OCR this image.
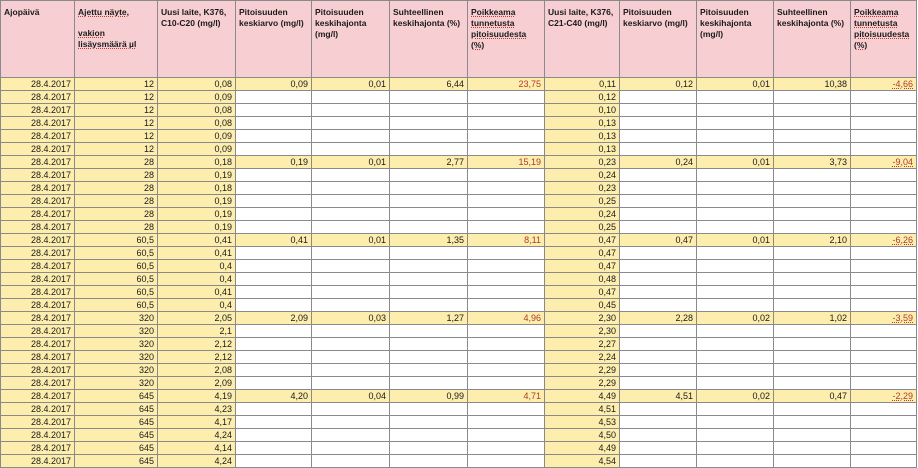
Ajopäivä	Ajettu näyte,
vakion lisäysmäärä µl	Uusi laite, K376, C10-C20 (mg/l)	Pitoisuuden keskiarvo (mg/l)	Pitoisuuden keskihajonta (mg/l)	Suhteellinen keskihajonta (%)	Poikkeama tunnetusta pitoisuudesta (%)	Uusi laite, K376, C21-C40 (mg/l)	Pitoisuuden keskiarvo (mg/l)	Pitoisuuden keskihajonta (mg/l)	Suhteellinen keskihajonta (%)	Poikkeama tunnetusta pitoisuudesta (%)
28.4.2017	12	0,08	0,09	0,01	6,44	23,75	0,11	0,12	0,01	10,38	-4,66
28.4.2017	12	0,09					0,12				
28.4.2017	12	0,08					0,10				
28.4.2017	12	0,08					0,13				
28.4.2017	12	0,09					0,13				
28.4.2017	12	0,09					0,13				
28.4.2017	28	0,18	0,19	0,01	2,77	15,19	0,23	0,24	0,01	3,73	-9,04
28.4.2017	28	0,19					0,24				
28.4.2017	28	0,18					0,23				
28.4.2017	28	0,19					0,25				
28.4.2017	28	0,19					0,24				
28.4.2017	28	0,19					0,25				
28.4.2017	60,5	0,41	0,41	0,01	1,35	8,11	0,47	0,47	0,01	2,10	-6,26
28.4.2017	60,5	0,41					0,47				
28.4.2017	60,5	0,4					0,47				
28.4.2017	60,5	0,4					0,48				
28.4.2017	60,5	0,41					0,47				
28.4.2017	60,5	0,4					0,45				
28.4.2017	320	2,05	2,09	0,03	1,27	4,96	2,30	2,28	0,02	1,02	-3,59
28.4.2017	320	2,1					2,30				
28.4.2017	320	2,12					2,27				
28.4.2017	320	2,12					2,24				
28.4.2017	320	2,08					2,29				
28.4.2017	320	2,09					2,29				
28.4.2017	645	4,19	4,20	0,04	0,99	4,71	4,49	4,51	0,02	0,47	-2,29
28.4.2017	645	4,23					4,51				
28.4.2017	645	4,17					4,53				
28.4.2017	645	4,24					4,50				
28.4.2017	645	4,14					4,49				
28.4.2017	645	4,24					4,54				
